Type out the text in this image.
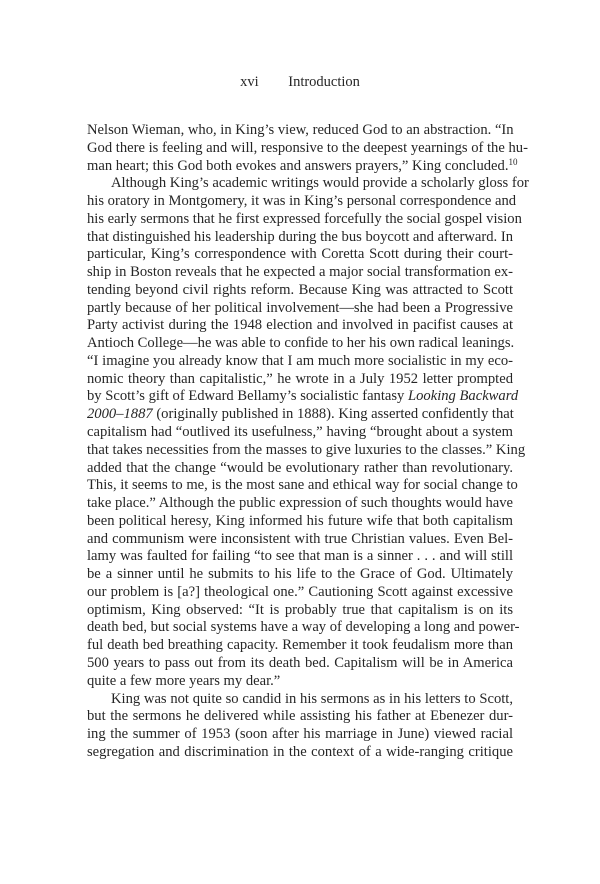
xvi Introduction
Nelson Wieman, who, in King’s view, reduced God to an abstraction. “In
God there is feeling and will, responsive to the deepest yearnings of the hu-
man heart; this God both evokes and answers prayers,” King concluded.$^{10}$
Although King’s academic writings would provide a scholarly gloss for
his oratory in Montgomery, it was in King’s personal correspondence and
his early sermons that he first expressed forcefully the social gospel vision
that distinguished his leadership during the bus boycott and afterward. In
particular, King’s correspondence with Coretta Scott during their court-
ship in Boston reveals that he expected a major social transformation ex-
tending beyond civil rights reform. Because King was attracted to Scott
partly because of her political involvement—she had been a Progressive
Party activist during the 1948 election and involved in pacifist causes at
Antioch College—he was able to confide to her his own radical leanings.
“I imagine you already know that I am much more socialistic in my eco-
nomic theory than capitalistic,” he wrote in a July 1952 letter prompted
by Scott’s gift of Edward Bellamy’s socialistic fantasy Looking Backward
2000–1887 (originally published in 1888). King asserted confidently that
capitalism had “outlived its usefulness,” having “brought about a system
that takes necessities from the masses to give luxuries to the classes.” King
added that the change “would be evolutionary rather than revolutionary.
This, it seems to me, is the most sane and ethical way for social change to
take place.” Although the public expression of such thoughts would have
been political heresy, King informed his future wife that both capitalism
and communism were inconsistent with true Christian values. Even Bel-
lamy was faulted for failing “to see that man is a sinner . . . and will still
be a sinner until he submits to his life to the Grace of God. Ultimately
our problem is [a?] theological one.” Cautioning Scott against excessive
optimism, King observed: “It is probably true that capitalism is on its
death bed, but social systems have a way of developing a long and power-
ful death bed breathing capacity. Remember it took feudalism more than
500 years to pass out from its death bed. Capitalism will be in America
quite a few more years my dear.”
King was not quite so candid in his sermons as in his letters to Scott,
but the sermons he delivered while assisting his father at Ebenezer dur-
ing the summer of 1953 (soon after his marriage in June) viewed racial
segregation and discrimination in the context of a wide-ranging critique
